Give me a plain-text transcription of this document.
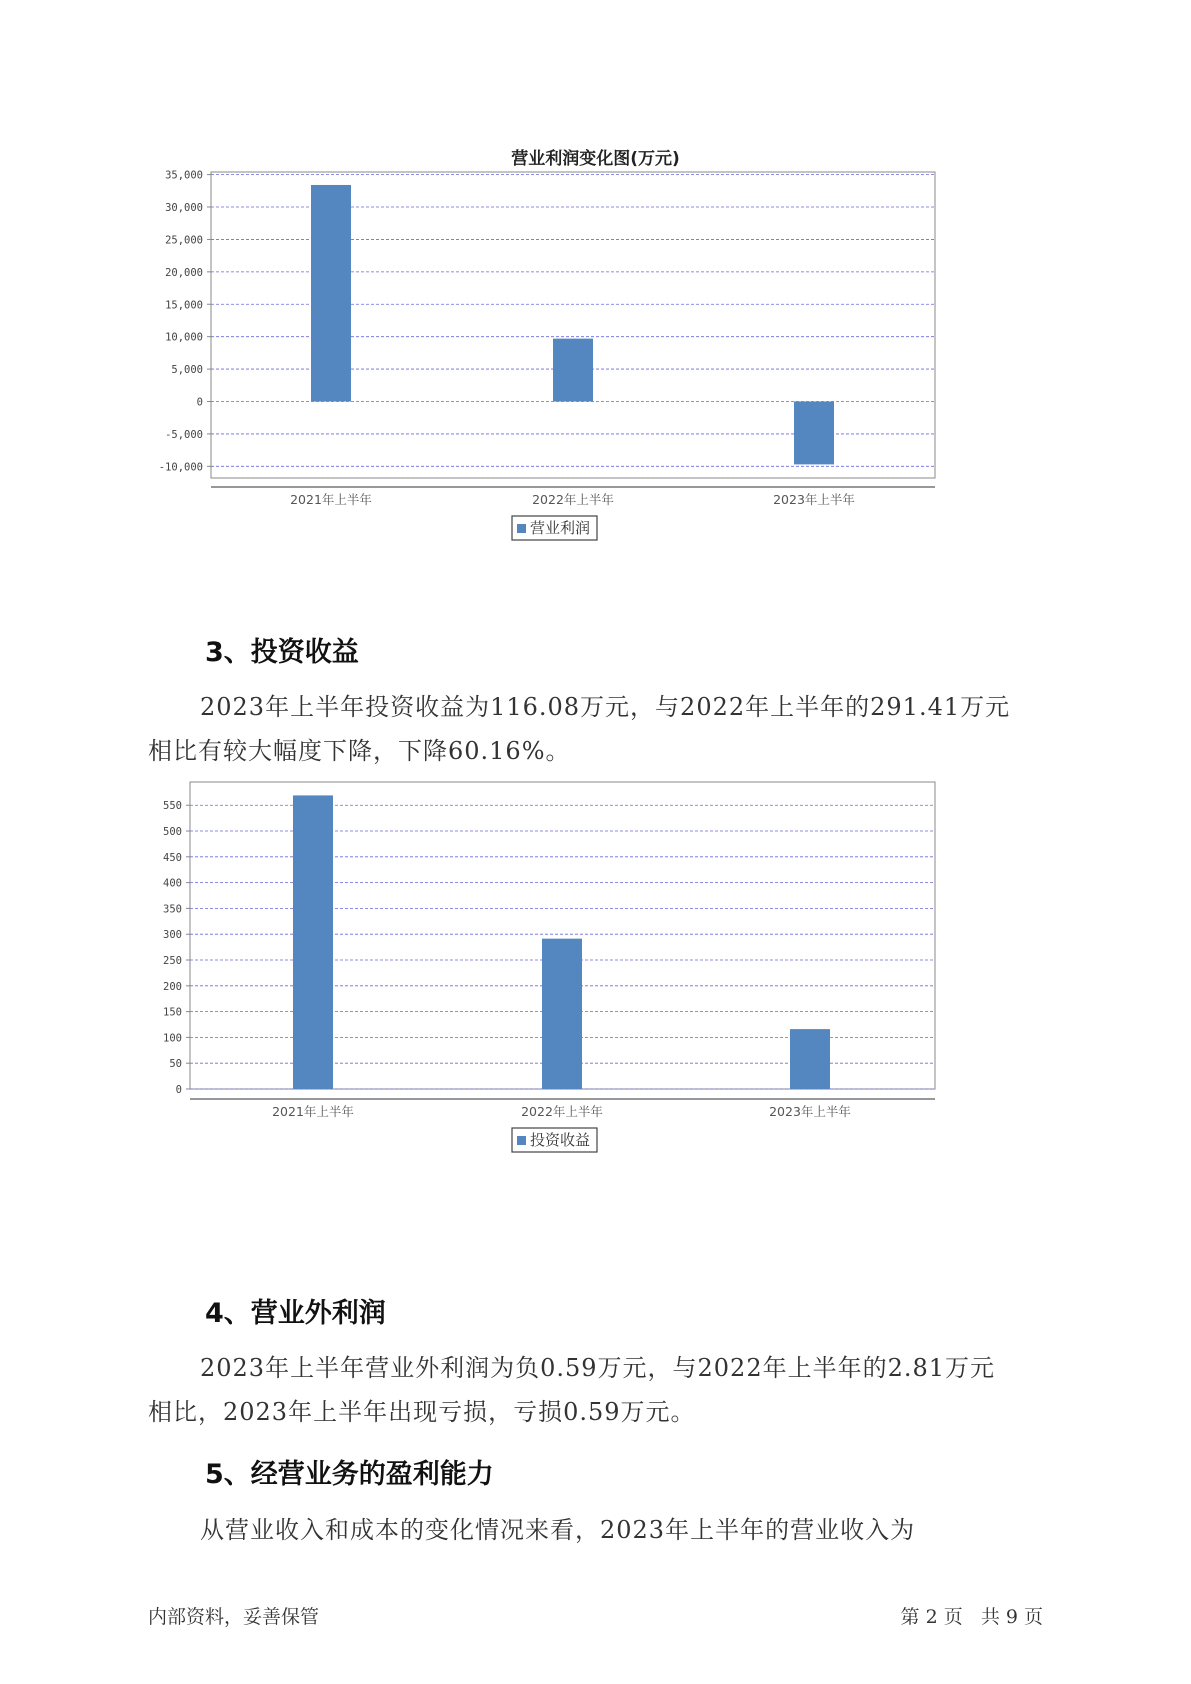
营业利润变化图(万元)
35,000
30,000
25,000
20,000
15,000
10,000
5,000
0
-5,000
-10,000
2021年上半年	2022年上半年	2023年上半年
营业利润
3、投资收益

2023年上半年投资收益为116.08万元，与2022年上半年的291.41万元

相比有较大幅度下降，下降60.16%。

550
500
450
400
350
300
250
200
150
100
50
0
2021年上半年	2022年上半年	2023年上半年
投资收益
4、营业外利润

2023年上半年营业外利润为负0.59万元，与2022年上半年的2.81万元

相比，2023年上半年出现亏损，亏损0.59万元。

5、经营业务的盈利能力

从营业收入和成本的变化情况来看，2023年上半年的营业收入为

内部资料，妥善保管	第 2 页   共 9 页
